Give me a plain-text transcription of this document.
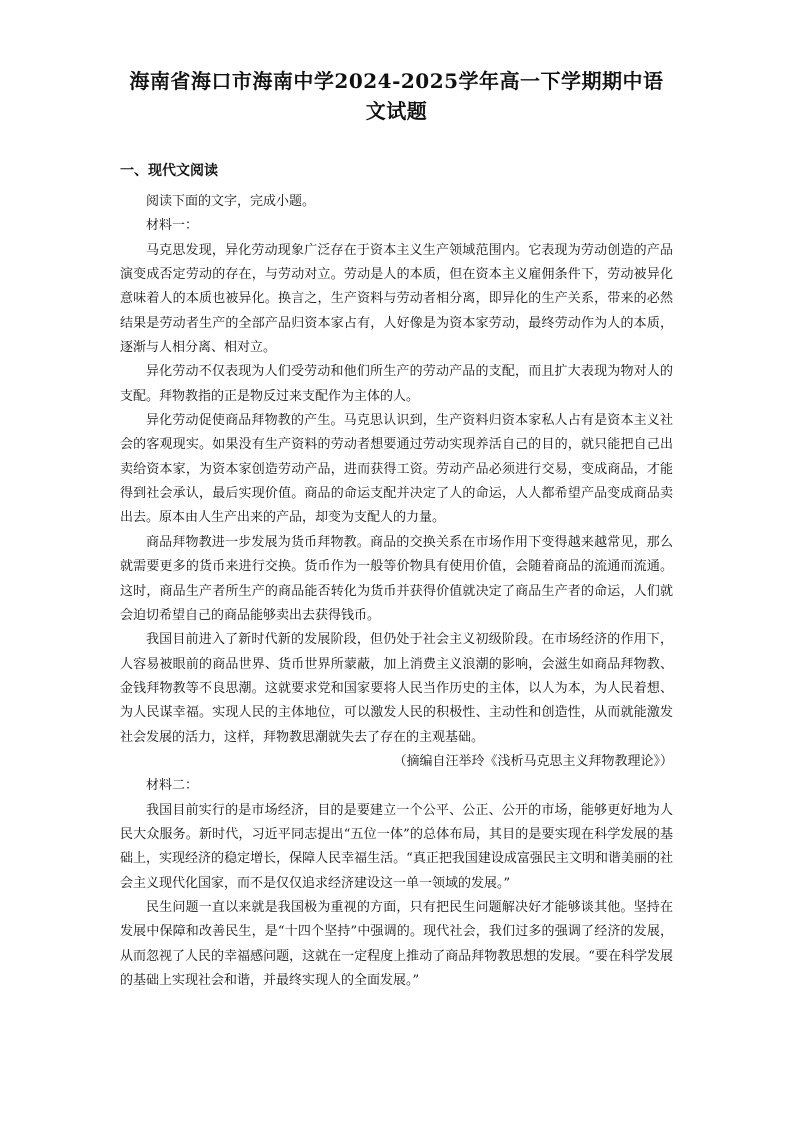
海南省海口市海南中学2024-2025学年高一下学期期中语
文试题
一、现代文阅读

阅读下面的文字，完成小题。

材料一：

马克思发现，异化劳动现象广泛存在于资本主义生产领域范围内。它表现为劳动创造的产品演变成否定劳动的存在，与劳动对立。劳动是人的本质，但在资本主义雇佣条件下，劳动被异化意味着人的本质也被异化。换言之，生产资料与劳动者相分离，即异化的生产关系，带来的必然结果是劳动者生产的全部产品归资本家占有，人好像是为资本家劳动，最终劳动作为人的本质，逐渐与人相分离、相对立。

异化劳动不仅表现为人们受劳动和他们所生产的劳动产品的支配，而且扩大表现为物对人的支配。拜物教指的正是物反过来支配作为主体的人。

异化劳动促使商品拜物教的产生。马克思认识到，生产资料归资本家私人占有是资本主义社会的客观现实。如果没有生产资料的劳动者想要通过劳动实现养活自己的目的，就只能把自己出卖给资本家，为资本家创造劳动产品，进而获得工资。劳动产品必须进行交易，变成商品，才能得到社会承认，最后实现价值。商品的命运支配并决定了人的命运，人人都希望产品变成商品卖出去。原本由人生产出来的产品，却变为支配人的力量。

商品拜物教进一步发展为货币拜物教。商品的交换关系在市场作用下变得越来越常见，那么就需要更多的货币来进行交换。货币作为一般等价物具有使用价值，会随着商品的流通而流通。这时，商品生产者所生产的商品能否转化为货币并获得价值就决定了商品生产者的命运，人们就会迫切希望自己的商品能够卖出去获得钱币。

我国目前进入了新时代新的发展阶段，但仍处于社会主义初级阶段。在市场经济的作用下，人容易被眼前的商品世界、货币世界所蒙蔽，加上消费主义浪潮的影响，会滋生如商品拜物教、金钱拜物教等不良思潮。这就要求党和国家要将人民当作历史的主体，以人为本，为人民着想、为人民谋幸福。实现人民的主体地位，可以激发人民的积极性、主动性和创造性，从而就能激发社会发展的活力，这样，拜物教思潮就失去了存在的主观基础。

（摘编自汪举玲《浅析马克思主义拜物教理论》）

材料二：

我国目前实行的是市场经济，目的是要建立一个公平、公正、公开的市场，能够更好地为人民大众服务。新时代，习近平同志提出“五位一体”的总体布局，其目的是要实现在科学发展的基础上，实现经济的稳定增长，保障人民幸福生活。“真正把我国建设成富强民主文明和谐美丽的社会主义现代化国家，而不是仅仅追求经济建设这一单一领域的发展。”

民生问题一直以来就是我国极为重视的方面，只有把民生问题解决好才能够谈其他。坚持在发展中保障和改善民生，是“十四个坚持”中强调的。现代社会，我们过多的强调了经济的发展，从而忽视了人民的幸福感问题，这就在一定程度上推动了商品拜物教思想的发展。“要在科学发展的基础上实现社会和谐，并最终实现人的全面发展。”
